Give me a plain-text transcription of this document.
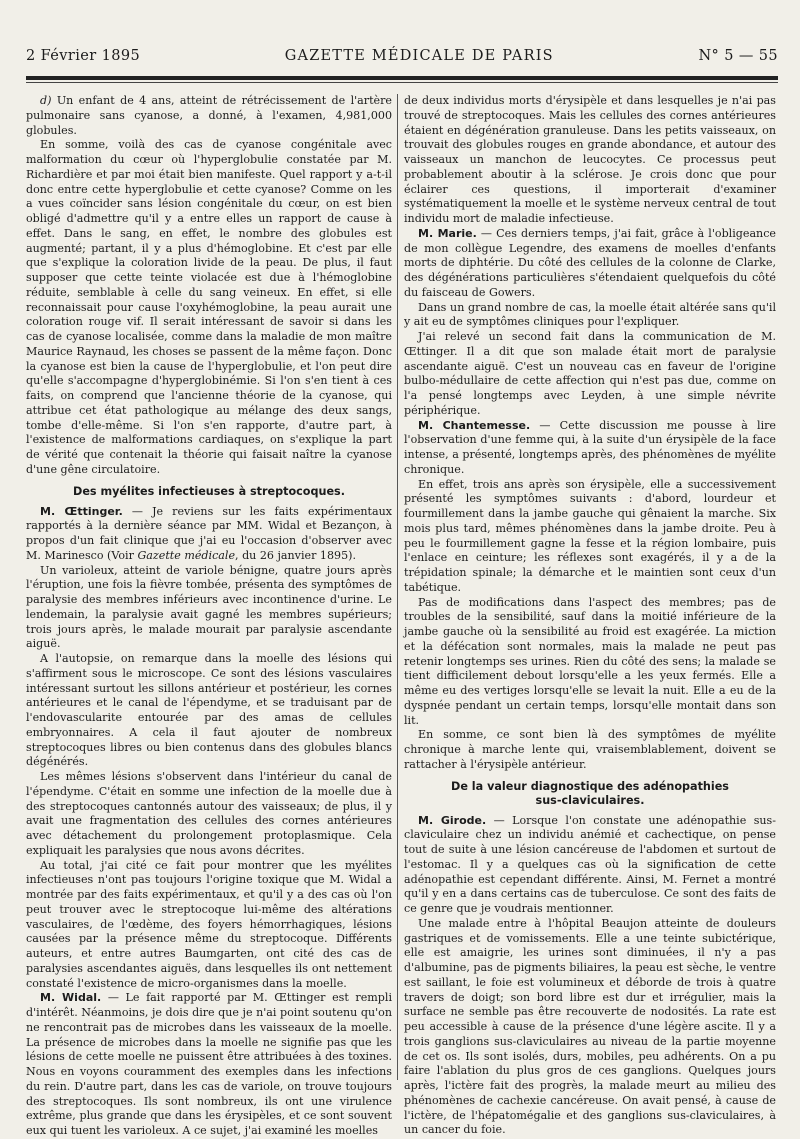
2 Février 1895	GAZETTE MÉDICALE DE PARIS	N° 5 — 55

d) Un enfant de 4 ans, atteint de rétrécissement de l'artère pulmonaire sans cyanose, a donné, à l'examen, 4,981,000 globules.

En somme, voilà des cas de cyanose congénitale avec malformation du cœur où l'hyperglobulie constatée par M. Richardière et par moi était bien manifeste. Quel rapport y a-t-il donc entre cette hyperglobulie et cette cyanose? Comme on les a vues coïncider sans lésion congénitale du cœur, on est bien obligé d'admettre qu'il y a entre elles un rapport de cause à effet. Dans le sang, en effet, le nombre des globules est augmenté; partant, il y a plus d'hémoglobine. Et c'est par elle que s'explique la coloration livide de la peau. De plus, il faut supposer que cette teinte violacée est due à l'hémoglobine réduite, semblable à celle du sang veineux. En effet, si elle reconnaissait pour cause l'oxyhémoglobine, la peau aurait une coloration rouge vif. Il serait intéressant de savoir si dans les cas de cyanose localisée, comme dans la maladie de mon maître Maurice Raynaud, les choses se passent de la même façon. Donc la cyanose est bien la cause de l'hyperglobulie, et l'on peut dire qu'elle s'accompagne d'hyperglobinémie. Si l'on s'en tient à ces faits, on comprend que l'ancienne théorie de la cyanose, qui attribue cet état pathologique au mélange des deux sangs, tombe d'elle-même. Si l'on s'en rapporte, d'autre part, à l'existence de malformations cardiaques, on s'explique la part de vérité que contenait la théorie qui faisait naître la cyanose d'une gêne circulatoire.

Des myélites infectieuses à streptocoques.

M. Œttinger. — Je reviens sur les faits expérimentaux rapportés à la dernière séance par MM. Widal et Bezançon, à propos d'un fait clinique que j'ai eu l'occasion d'observer avec M. Marinesco (Voir Gazette médicale, du 26 janvier 1895).

Un varioleux, atteint de variole bénigne, quatre jours après l'éruption, une fois la fièvre tombée, présenta des symptômes de paralysie des membres inférieurs avec incontinence d'urine. Le lendemain, la paralysie avait gagné les membres supérieurs; trois jours après, le malade mourait par paralysie ascendante aiguë.

A l'autopsie, on remarque dans la moelle des lésions qui s'affirment sous le microscope. Ce sont des lésions vasculaires intéressant surtout les sillons antérieur et postérieur, les cornes antérieures et le canal de l'épendyme, et se traduisant par de l'endovascularite entourée par des amas de cellules embryonnaires. A cela il faut ajouter de nombreux streptocoques libres ou bien contenus dans des globules blancs dégénérés.

Les mêmes lésions s'observent dans l'intérieur du canal de l'épendyme. C'était en somme une infection de la moelle due à des streptocoques cantonnés autour des vaisseaux; de plus, il y avait une fragmentation des cellules des cornes antérieures avec détachement du prolongement protoplasmique. Cela expliquait les paralysies que nous avons décrites.

Au total, j'ai cité ce fait pour montrer que les myélites infectieuses n'ont pas toujours l'origine toxique que M. Widal a montrée par des faits expérimentaux, et qu'il y a des cas où l'on peut trouver avec le streptocoque lui-même des altérations vasculaires, de l'œdème, des foyers hémorrhagiques, lésions causées par la présence même du streptocoque. Différents auteurs, et entre autres Baumgarten, ont cité des cas de paralysies ascendantes aiguës, dans lesquelles ils ont nettement constaté l'existence de micro-organismes dans la moelle.

M. Widal. — Le fait rapporté par M. Œttinger est rempli d'intérêt. Néanmoins, je dois dire que je n'ai point soutenu qu'on ne rencontrait pas de microbes dans les vaisseaux de la moelle. La présence de microbes dans la moelle ne signifie pas que les lésions de cette moelle ne puissent être attribuées à des toxines. Nous en voyons couramment des exemples dans les infections du rein. D'autre part, dans les cas de variole, on trouve toujours des streptocoques. Ils sont nombreux, ils ont une virulence extrême, plus grande que dans les érysipèles, et ce sont souvent eux qui tuent les varioleux. A ce sujet, j'ai examiné les moelles

de deux individus morts d'érysipèle et dans lesquelles je n'ai pas trouvé de streptocoques. Mais les cellules des cornes antérieures étaient en dégénération granuleuse. Dans les petits vaisseaux, on trouvait des globules rouges en grande abondance, et autour des vaisseaux un manchon de leucocytes. Ce processus peut probablement aboutir à la sclérose. Je crois donc que pour éclairer ces questions, il importerait d'examiner systématiquement la moelle et le système nerveux central de tout individu mort de maladie infectieuse.

M. Marie. — Ces derniers temps, j'ai fait, grâce à l'obligeance de mon collègue Legendre, des examens de moelles d'enfants morts de diphtérie. Du côté des cellules de la colonne de Clarke, des dégénérations particulières s'étendaient quelquefois du côté du faisceau de Gowers.

Dans un grand nombre de cas, la moelle était altérée sans qu'il y ait eu de symptômes cliniques pour l'expliquer.

J'ai relevé un second fait dans la communication de M. Œttinger. Il a dit que son malade était mort de paralysie ascendante aiguë. C'est un nouveau cas en faveur de l'origine bulbo-médullaire de cette affection qui n'est pas due, comme on l'a pensé longtemps avec Leyden, à une simple névrite périphérique.

M. Chantemesse. — Cette discussion me pousse à lire l'observation d'une femme qui, à la suite d'un érysipèle de la face intense, a présenté, longtemps après, des phénomènes de myélite chronique.

En effet, trois ans après son érysipèle, elle a successivement présenté les symptômes suivants : d'abord, lourdeur et fourmillement dans la jambe gauche qui gênaient la marche. Six mois plus tard, mêmes phénomènes dans la jambe droite. Peu à peu le fourmillement gagne la fesse et la région lombaire, puis l'enlace en ceinture; les réflexes sont exagérés, il y a de la trépidation spinale; la démarche et le maintien sont ceux d'un tabétique.

Pas de modifications dans l'aspect des membres; pas de troubles de la sensibilité, sauf dans la moitié inférieure de la jambe gauche où la sensibilité au froid est exagérée. La miction et la défécation sont normales, mais la malade ne peut pas retenir longtemps ses urines. Rien du côté des sens; la malade se tient difficilement debout lorsqu'elle a les yeux fermés. Elle a même eu des vertiges lorsqu'elle se levait la nuit. Elle a eu de la dyspnée pendant un certain temps, lorsqu'elle montait dans son lit.

En somme, ce sont bien là des symptômes de myélite chronique à marche lente qui, vraisemblablement, doivent se rattacher à l'érysipèle antérieur.

De la valeur diagnostique des adénopathies
sus-claviculaires.

M. Girode. — Lorsque l'on constate une adénopathie sus-claviculaire chez un individu anémié et cachectique, on pense tout de suite à une lésion cancéreuse de l'abdomen et surtout de l'estomac. Il y a quelques cas où la signification de cette adénopathie est cependant différente. Ainsi, M. Fernet a montré qu'il y en a dans certains cas de tuberculose. Ce sont des faits de ce genre que je voudrais mentionner.

Une malade entre à l'hôpital Beaujon atteinte de douleurs gastriques et de vomissements. Elle a une teinte subictérique, elle est amaigrie, les urines sont diminuées, il n'y a pas d'albumine, pas de pigments biliaires, la peau est sèche, le ventre est saillant, le foie est volumineux et déborde de trois à quatre travers de doigt; son bord libre est dur et irrégulier, mais la surface ne semble pas être recouverte de nodosités. La rate est peu accessible à cause de la présence d'une légère ascite. Il y a trois ganglions sus-claviculaires au niveau de la partie moyenne de cet os. Ils sont isolés, durs, mobiles, peu adhérents. On a pu faire l'ablation du plus gros de ces ganglions. Quelques jours après, l'ictère fait des progrès, la malade meurt au milieu des phénomènes de cachexie cancéreuse. On avait pensé, à cause de l'ictère, de l'hépatomégalie et des ganglions sus-claviculaires, à un cancer du foie.
